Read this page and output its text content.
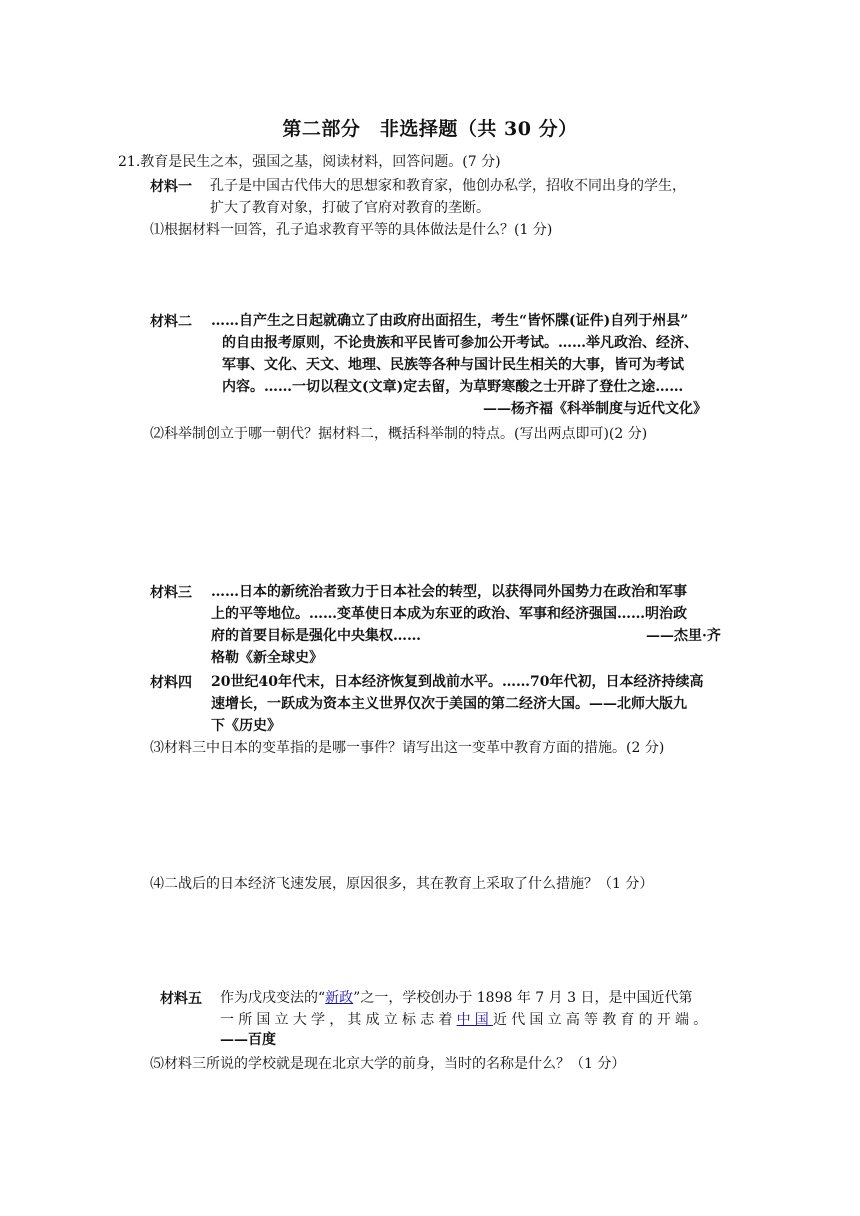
第二部分　非选择题（共 30 分）
21.教育是民生之本，强国之基，阅读材料，回答问题。(7 分)
材料一 孔子是中国古代伟大的思想家和教育家，他创办私学，招收不同出身的学生，
扩大了教育对象，打破了官府对教育的垄断。
⑴根据材料一回答，孔子追求教育平等的具体做法是什么？(1 分)
材料二 ……自产生之日起就确立了由政府出面招生，考生“皆怀牒(证件)自列于州县”
的自由报考原则，不论贵族和平民皆可参加公开考试。……举凡政治、经济、
军事、文化、天文、地理、民族等各种与国计民生相关的大事，皆可为考试
内容。……一切以程文(文章)定去留，为草野寒酸之士开辟了登仕之途……
——杨齐福《科举制度与近代文化》
⑵科举制创立于哪一朝代？据材料二，概括科举制的特点。(写出两点即可)(2 分)
材料三 ……日本的新统治者致力于日本社会的转型，以获得同外国势力在政治和军事
上的平等地位。……变革使日本成为东亚的政治、军事和经济强国……明治政
府的首要目标是强化中央集权……	——杰里·齐
格勒《新全球史》
材料四 20世纪40年代末，日本经济恢复到战前水平。……70年代初，日本经济持续高
速增长，一跃成为资本主义世界仅次于美国的第二经济大国。——北师大版九
下《历史》
⑶材料三中日本的变革指的是哪一事件？请写出这一变革中教育方面的措施。(2 分)
⑷二战后的日本经济飞速发展，原因很多，其在教育上采取了什么措施？（1 分）
材料五 作为戊戌变法的“新政”之一，学校创办于 1898 年 7 月 3 日，是中国近代第
一所国立大学，其成立标志着中国近代国立高等教育的开端。
——百度
⑸材料三所说的学校就是现在北京大学的前身，当时的名称是什么？（1 分）
